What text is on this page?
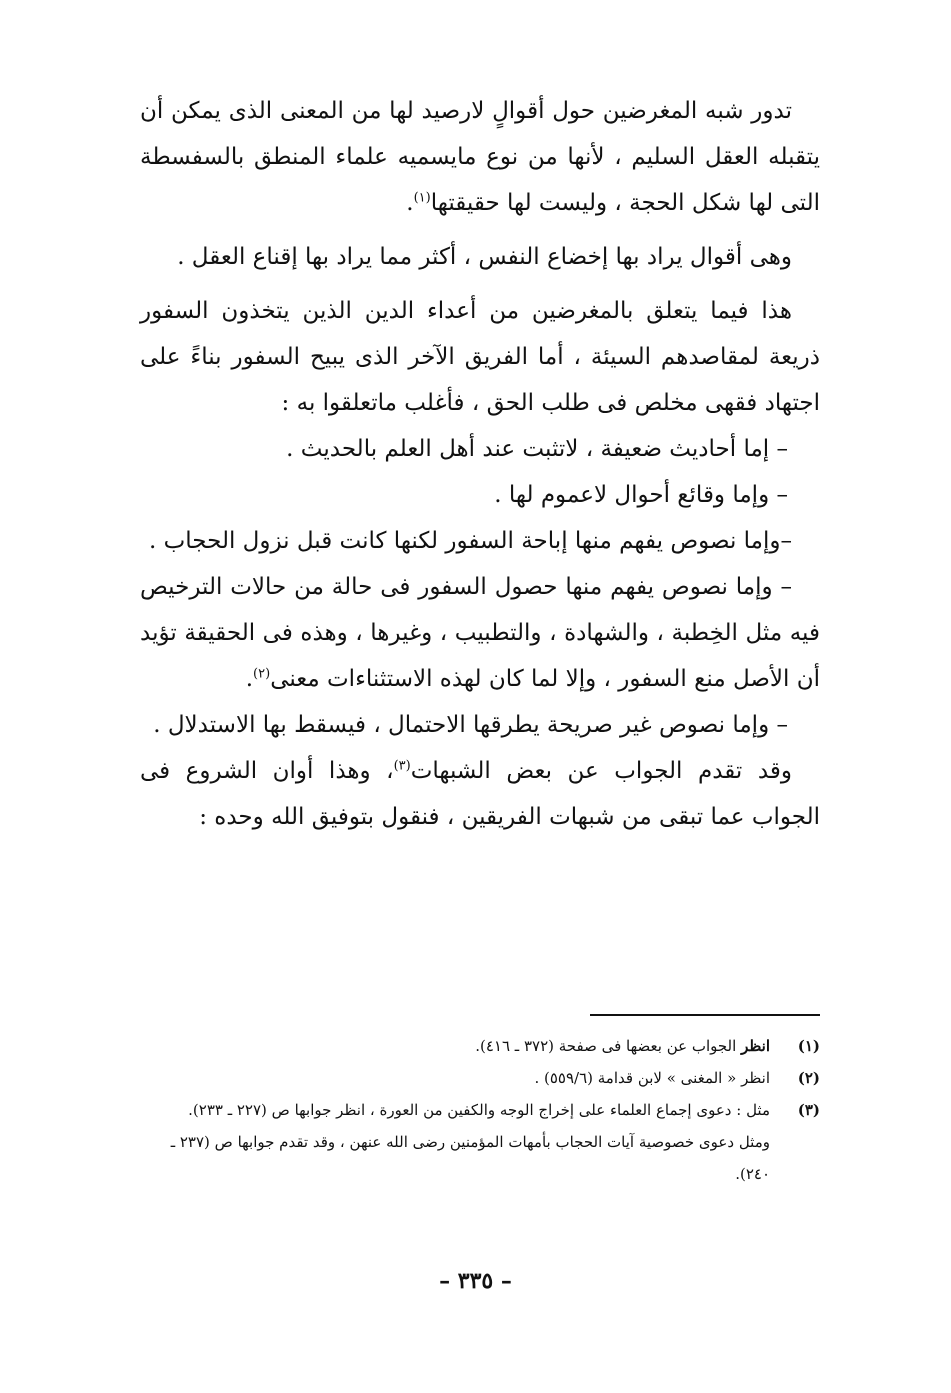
تدور شبه المغرضين حول أقوالٍ لارصيد لها من المعنى الذى يمكن أن يتقبله العقل السليم ، لأنها من نوع مايسميه علماء المنطق بالسفسطة التى لها شكل الحجة ، وليست لها حقيقتها$^{(١)}$.

وهى أقوال يراد بها إخضاع النفس ، أكثر مما يراد بها إقناع العقل .

هذا فيما يتعلق بالمغرضين من أعداء الدين الذين يتخذون السفور ذريعة لمقاصدهم السيئة ، أما الفريق الآخر الذى يبيح السفور بناءً على اجتهاد فقهى مخلص فى طلب الحق ، فأغلب ماتعلقوا به :

– إما أحاديث ضعيفة ، لاتثبت عند أهل العلم بالحديث .

– وإما وقائع أحوال لاعموم لها .

–وإما نصوص يفهم منها إباحة السفور لكنها كانت قبل نزول الحجاب .

– وإما نصوص يفهم منها حصول السفور فى حالة من حالات الترخيص فيه مثل الخِطبة ، والشهادة ، والتطبيب ، وغيرها ، وهذه فى الحقيقة تؤيد أن الأصل منع السفور ، وإلا لما كان لهذه الاستثناءات معنى$^{(٢)}$.

– وإما نصوص غير صريحة يطرقها الاحتمال ، فيسقط بها الاستدلال .

وقد تقدم الجواب عن بعض الشبهات$^{(٣)}$، وهذا أوان الشروع فى الجواب عما تبقى من شبهات الفريقين ، فنقول بتوفيق الله وحده :

(١)
انظر الجواب عن بعضها فى صفحة (٣٧٢ ـ ٤١٦).

(٢)
انظر « المغنى » لابن قدامة (٥٥٩/٦) .

(٣)
مثل : دعوى إجماع العلماء على إخراج الوجه والكفين من العورة ، انظر جوابها ص (٢٢٧ ـ ٢٣٣).

ومثل دعوى خصوصية آيات الحجاب بأمهات المؤمنين رضى الله عنهن ، وقد تقدم جوابها ص (٢٣٧ ـ ٢٤٠).

– ٣٣٥ –
